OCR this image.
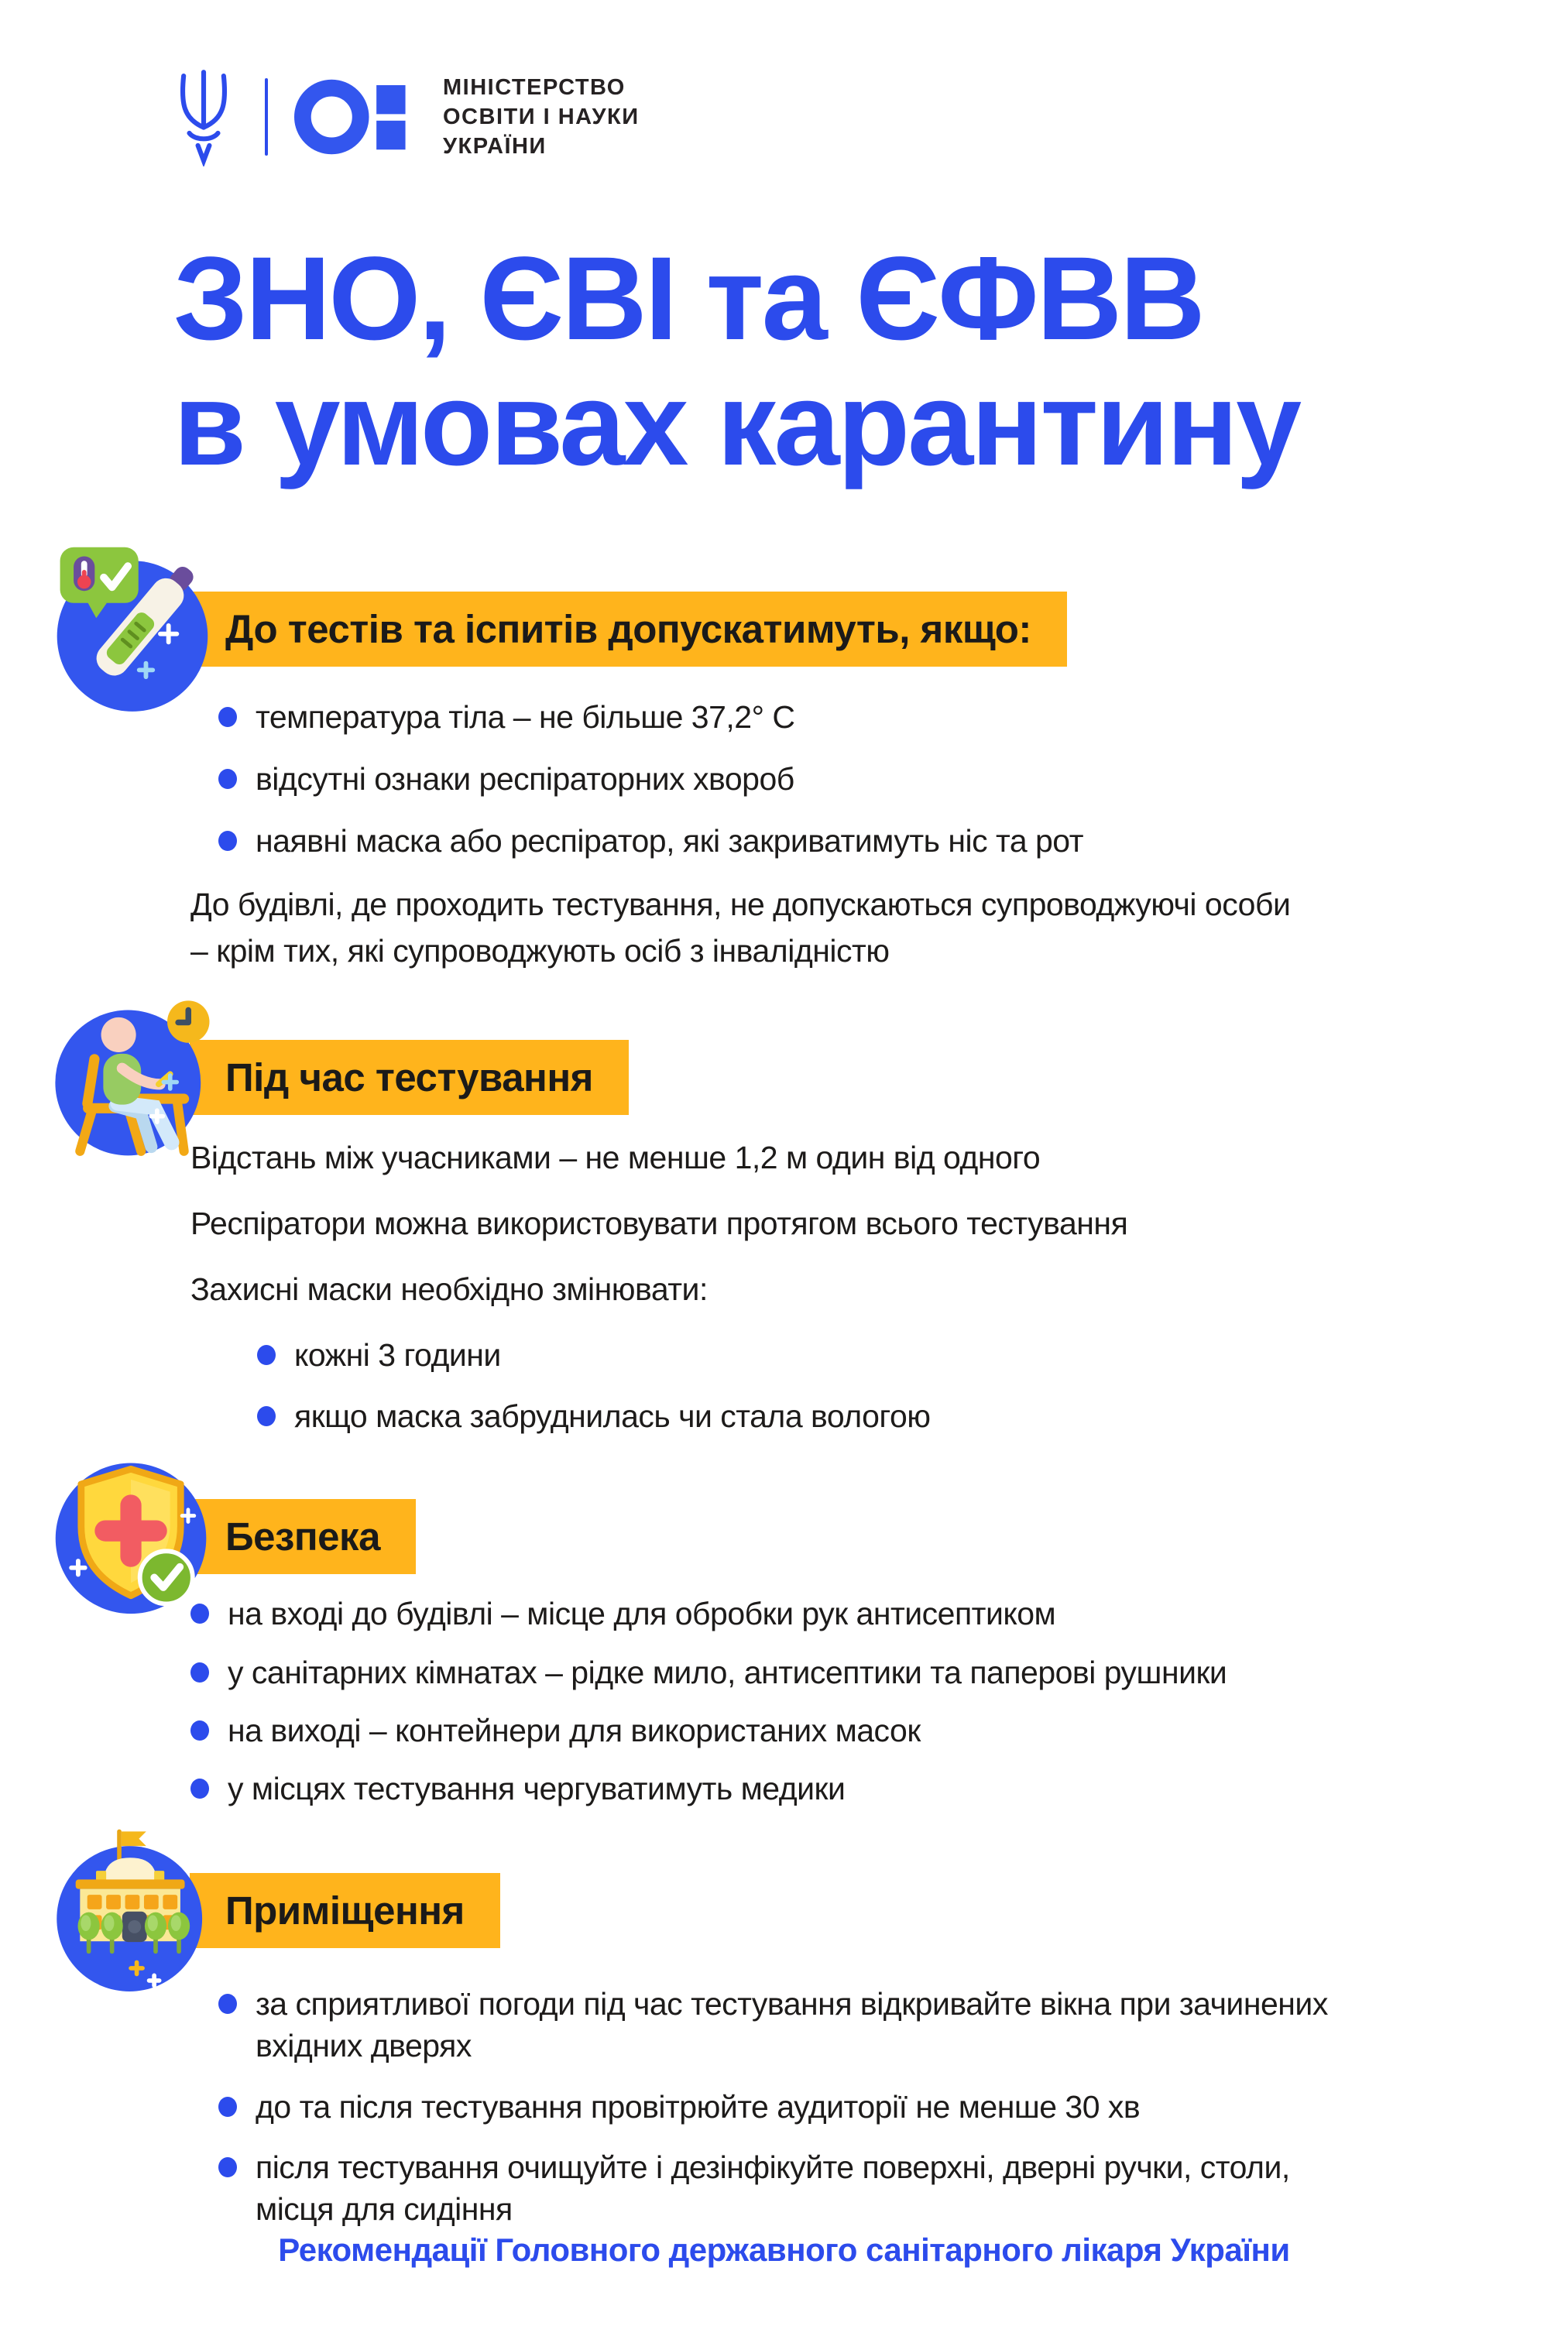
МІНІСТЕРСТВО
ОСВІТИ І НАУКИ
УКРАЇНИ
ЗНО, ЄВІ та ЄФВВ
в умовах карантину
До тестів та іспитів допускатимуть, якщо:
температура тіла – не більше 37,2° С
відсутні ознаки респіраторних хвороб
наявні маска або респіратор, які закриватимуть ніс та рот

До будівлі, де проходить тестування, не допускаються супроводжуючі особи – крім тих, які супроводжують осіб з інвалідністю

Під час тестування

Відстань між учасниками – не менше 1,2 м один від одного

Респіратори можна використовувати протягом всього тестування

Захисні маски необхідно змінювати:

кожні 3 години
якщо маска забруднилась чи стала вологою
Безпека
на вході до будівлі – місце для обробки рук антисептиком
у санітарних кімнатах – рідке мило, антисептики та паперові рушники
на виході – контейнери для використаних масок
у місцях тестування чергуватимуть медики
Приміщення
за сприятливої погоди під час тестування відкривайте вікна при зачинених вхідних дверях
до та після тестування провітрюйте аудиторії не менше 30 хв
після тестування очищуйте і дезінфікуйте поверхні, дверні ручки, столи, місця для сидіння
Рекомендації Головного державного санітарного лікаря України
